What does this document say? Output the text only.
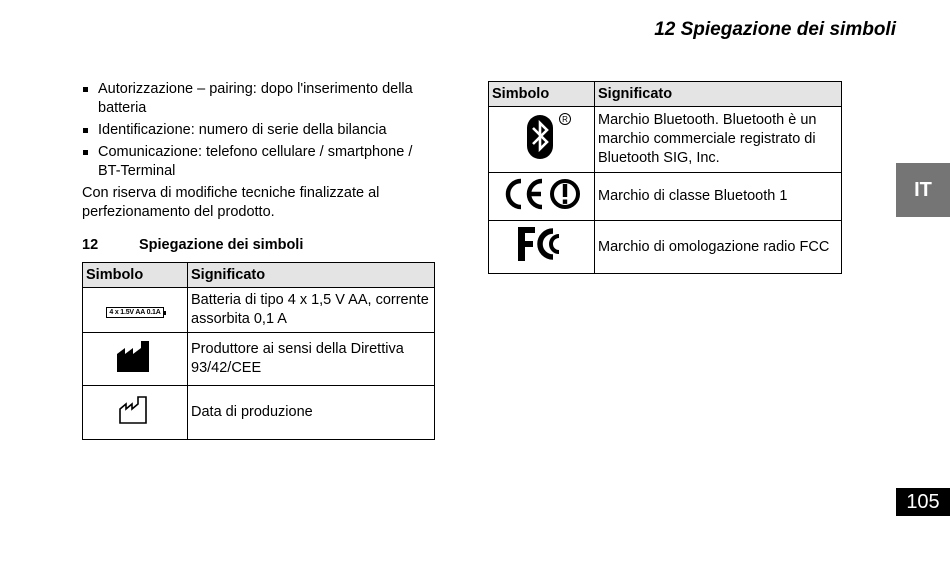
12 Spiegazione dei simboli
IT
105
Autorizzazione – pairing: dopo l'inserimento della batteria
Identificazione: numero di serie della bilancia
Comunicazione: telefono cellulare / smartphone / BT-Terminal
Con riserva di modifiche tecniche finalizzate al perfezionamento del prodotto.
12	Spiegazione dei simboli
Simbolo	Significato
4 x 1.5V AA 0.1A	Batteria di tipo 4 x 1,5 V AA, corrente assorbita 0,1 A
	Produttore ai sensi della Direttiva 93/42/CEE
	Data di produzione
Simbolo	Significato

R	Marchio Bluetooth. Bluetooth è un marchio commerciale registrato di Bluetooth SIG, Inc.
	Marchio di classe Bluetooth 1
	Marchio di omologazione radio FCC
